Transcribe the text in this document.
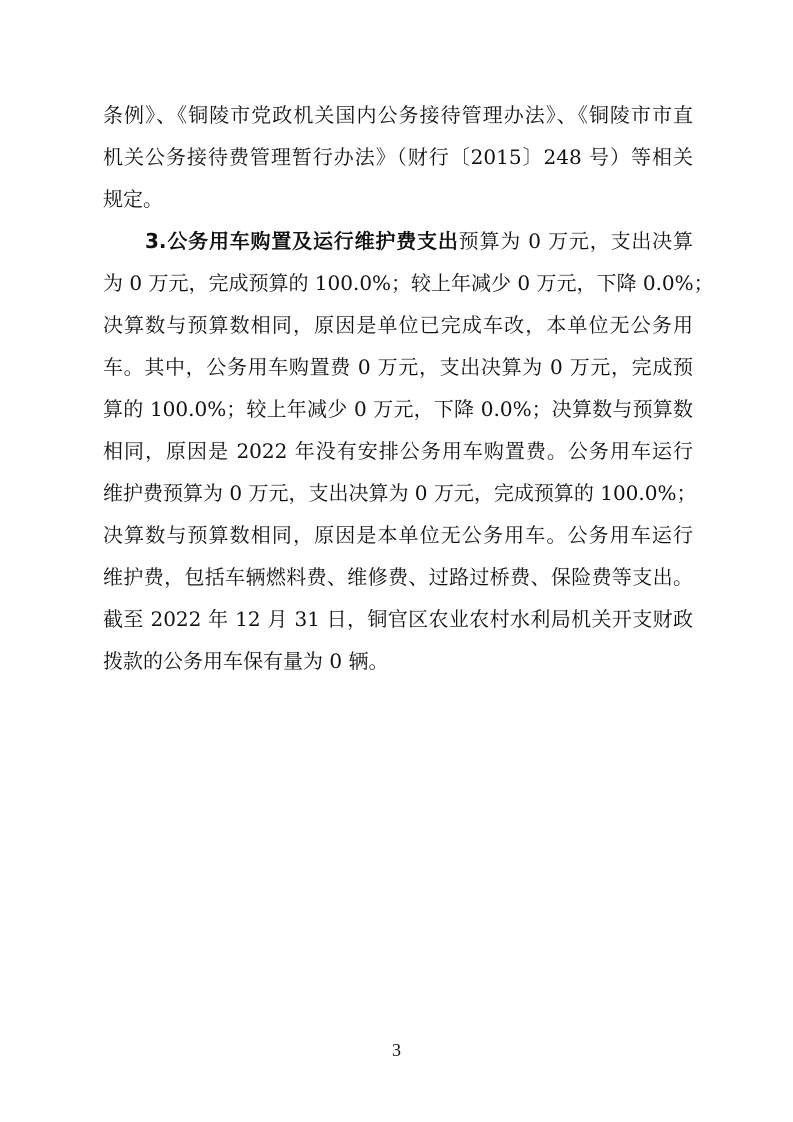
条例》、《铜陵市党政机关国内公务接待管理办法》、《铜陵市市直
机关公务接待费管理暂行办法》（财行〔2015〕248 号）等相关
规定。
3.公务用车购置及运行维护费支出预算为 0 万元，支出决算
为 0 万元，完成预算的 100.0%；较上年减少 0 万元，下降 0.0%；
决算数与预算数相同，原因是单位已完成车改，本单位无公务用
车。其中，公务用车购置费 0 万元，支出决算为 0 万元，完成预
算的 100.0%；较上年减少 0 万元，下降 0.0%；决算数与预算数
相同，原因是 2022 年没有安排公务用车购置费。公务用车运行
维护费预算为 0 万元，支出决算为 0 万元，完成预算的 100.0%；
决算数与预算数相同，原因是本单位无公务用车。公务用车运行
维护费，包括车辆燃料费、维修费、过路过桥费、保险费等支出。
截至 2022 年 12 月 31 日，铜官区农业农村水利局机关开支财政
拨款的公务用车保有量为 0 辆。
3
